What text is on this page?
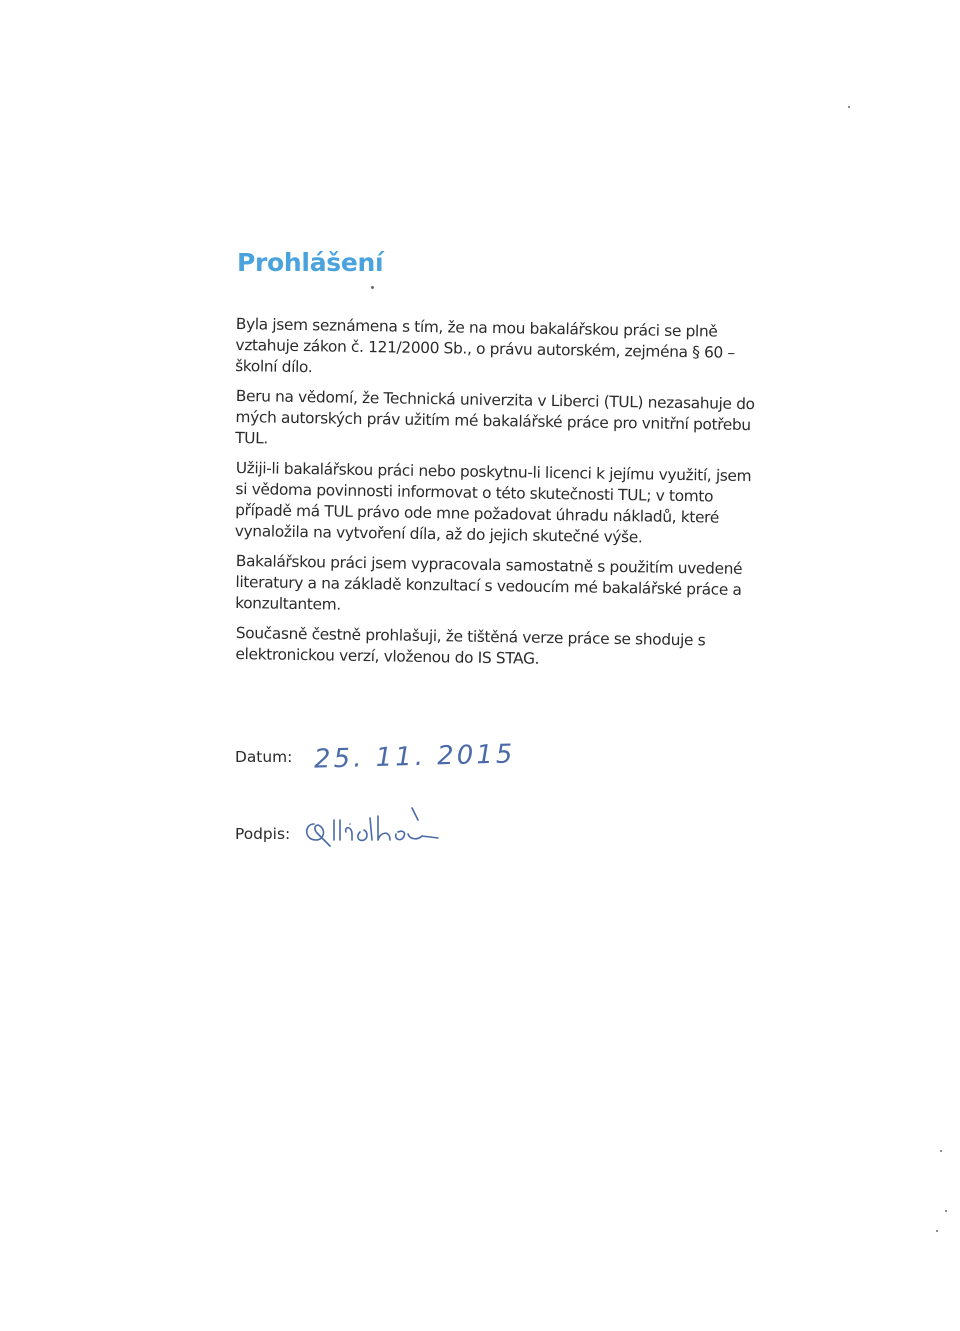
Prohlášení

Byla jsem seznámena s tím, že na mou bakalářskou práci se plně vztahuje zákon č. 121/2000 Sb., o právu autorském, zejména § 60 – školní dílo.

Beru na vědomí, že Technická univerzita v Liberci (TUL) nezasahuje do mých autorských práv užitím mé bakalářské práce pro vnitřní potřebu TUL.

Užiji-li bakalářskou práci nebo poskytnu-li licenci k jejímu využití, jsem si vědoma povinnosti informovat o této skutečnosti TUL; v tomto případě má TUL právo ode mne požadovat úhradu nákladů, které vynaložila na vytvoření díla, až do jejich skutečné výše.

Bakalářskou práci jsem vypracovala samostatně s použitím uvedené literatury a na základě konzultací s vedoucím mé bakalářské práce a konzultantem.

Současně čestně prohlašuji, že tištěná verze práce se shoduje s elektronickou verzí, vloženou do IS STAG.

Datum: 25. 11. 2015
Podpis:
